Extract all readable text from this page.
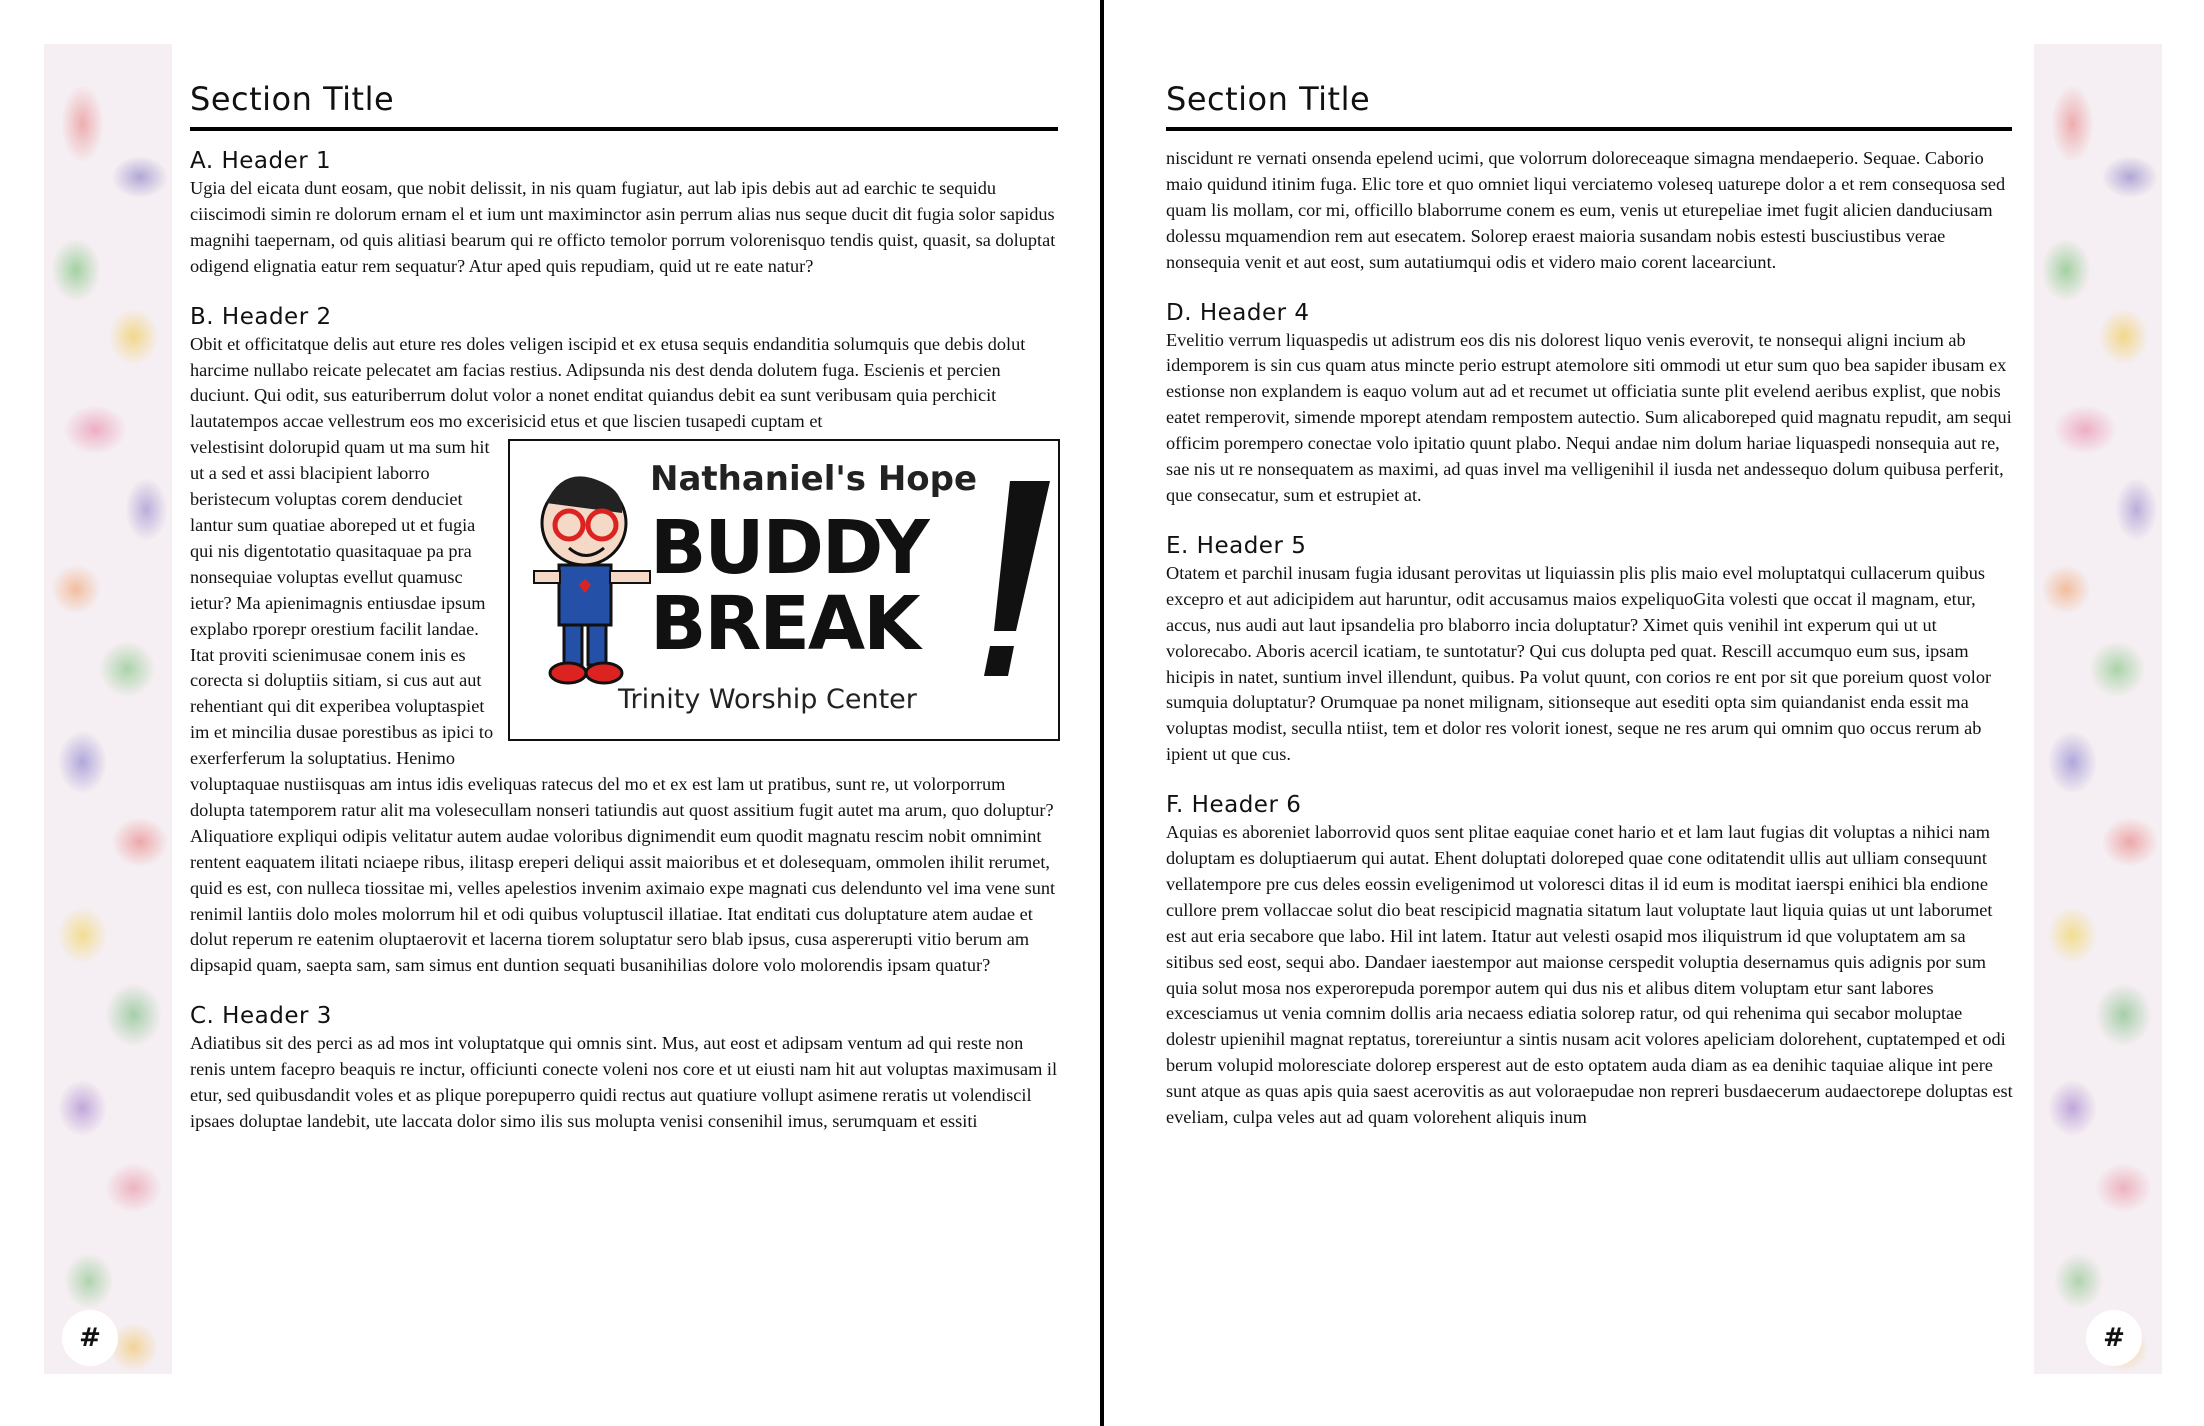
#
Section Title
A. Header 1

Ugia del eicata dunt eosam, que nobit delissit, in nis quam fugiatur, aut lab ipis debis aut ad earchic te sequidu ciiscimodi simin re dolorum ernam el et ium unt maximinctor asin perrum alias nus seque ducit dit fugia solor sapidus magnihi taepernam, od quis alitiasi bearum qui re officto temolor porrum volorenisquo tendis quist, quasit, sa doluptat odigend elignatia eatur rem sequatur? Atur aped quis repudiam, quid ut re eate natur?

B. Header 2

Obit et officitatque delis aut eture res doles veligen iscipid et ex etusa sequis endanditia solumquis que debis dolut harcime nullabo reicate pelecatet am facias restius. Adipsunda nis dest denda dolutem fuga. Escienis et percien duciunt. Qui odit, sus eaturiberrum dolut volor a nonet enditat quiandus debit ea sunt veribusam quia perchicit lautatempos accae vellestrum eos mo excerisicid etus et que liscien tusapedi cuptam et

Nathaniel's Hope
BUDDY
BREAK
Trinity Worship Center

velestisint dolorupid quam ut ma sum hit ut a sed et assi blacipient laborro beristecum voluptas corem denduciet lantur sum quatiae aboreped ut et fugia qui nis digentotatio quasitaquae pa pra nonsequiae voluptas evellut quamusc ietur? Ma apienimagnis entiusdae ipsum explabo rporepr orestium facilit landae. Itat proviti scienimusae conem inis es corecta si doluptiis sitiam, si cus aut aut rehentiant qui dit experibea voluptaspiet im et mincilia dusae porestibus as ipici to exerferferum la soluptatius. Henimo voluptaquae nustiisquas am intus idis eveliquas ratecus del mo et ex est lam ut pratibus, sunt re, ut volorporrum dolupta tatemporem ratur alit ma volesecullam nonseri tatiundis aut quost assitium fugit autet ma arum, quo doluptur? Aliquatiore expliqui odipis velitatur autem audae voloribus dignimendit eum quodit magnatu rescim nobit omnimint rentent eaquatem ilitati nciaepe ribus, ilitasp ereperi deliqui assit maioribus et et dolesequam, ommolen ihilit rerumet, quid es est, con nulleca tiossitae mi, velles apelestios invenim aximaio expe magnati cus delendunto vel ima vene sunt renimil lantiis dolo moles molorrum hil et odi quibus voluptuscil illatiae. Itat enditati cus doluptature atem audae et dolut reperum re eatenim oluptaerovit et lacerna tiorem soluptatur sero blab ipsus, cusa aspererupti vitio berum am dipsapid quam, saepta sam, sam simus ent duntion sequati busanihilias dolore volo molorendis ipsam quatur?

C. Header 3

Adiatibus sit des perci as ad mos int voluptatque qui omnis sint. Mus, aut eost et adipsam ventum ad qui reste non renis untem facepro beaquis re inctur, officiunti conecte voleni nos core et ut eiusti nam hit aut voluptas maximusam il etur, sed quibusdandit voles et as plique porepuperro quidi rectus aut quatiure vollupt asimene reratis ut volendiscil ipsaes doluptae landebit, ute laccata dolor simo ilis sus molupta venisi consenihil imus, serumquam et essiti

#
Section Title

niscidunt re vernati onsenda epelend ucimi, que volorrum doloreceaque simagna mendaeperio. Sequae. Caborio maio quidund itinim fuga. Elic tore et quo omniet liqui verciatemo voleseq uaturepe dolor a et rem consequosa sed quam lis mollam, cor mi, officillo blaborrume conem es eum, venis ut eturepeliae imet fugit alicien danduciusam dolessu mquamendion rem aut esecatem. Solorep eraest maioria susandam nobis estesti busciustibus verae nonsequia venit et aut eost, sum autatiumqui odis et videro maio corent lacearciunt.

D. Header 4

Evelitio verrum liquaspedis ut adistrum eos dis nis dolorest liquo venis everovit, te nonsequi aligni incium ab idemporem is sin cus quam atus mincte perio estrupt atemolore siti ommodi ut etur sum quo bea sapider ibusam ex estionse non explandem is eaquo volum aut ad et recumet ut officiatia sunte plit evelend aeribus explist, que nobis eatet remperovit, simende mporept atendam rempostem autectio. Sum alicaboreped quid magnatu repudit, am sequi officim porempero conectae volo ipitatio quunt plabo. Nequi andae nim dolum hariae liquaspedi nonsequia aut re, sae nis ut re nonsequatem as maximi, ad quas invel ma velligenihil il iusda net andessequo dolum quibusa perferit, que consecatur, sum et estrupiet at.

E. Header 5

Otatem et parchil inusam fugia idusant perovitas ut liquiassin plis plis maio evel moluptatqui cullacerum quibus excepro et aut adicipidem aut haruntur, odit accusamus maios expeliquoGita volesti que occat il magnam, etur, accus, nus audi aut laut ipsandelia pro blaborro incia doluptatur? Ximet quis venihil int experum qui ut ut volorecabo. Aboris acercil icatiam, te suntotatur? Qui cus dolupta ped quat. Rescill accumquo eum sus, ipsam hicipis in natet, suntium invel illendunt, quibus. Pa volut quunt, con corios re ent por sit que poreium quost volor sumquia doluptatur? Orumquae pa nonet milignam, sitionseque aut esediti opta sim quiandanist enda essit ma voluptas modist, seculla ntiist, tem et dolor res volorit ionest, seque ne res arum qui omnim quo occus rerum ab ipient ut que cus.

F. Header 6

Aquias es aboreniet laborrovid quos sent plitae eaquiae conet hario et et lam laut fugias dit voluptas a nihici nam doluptam es doluptiaerum qui autat. Ehent doluptati doloreped quae cone oditatendit ullis aut ulliam consequunt vellatempore pre cus deles eossin eveligenimod ut voloresci ditas il id eum is moditat iaerspi enihici bla endione cullore prem vollaccae solut dio beat rescipicid magnatia sitatum laut voluptate laut liquia quias ut unt laborumet est aut eria secabore que labo. Hil int latem. Itatur aut velesti osapid mos iliquistrum id que voluptatem am sa sitibus sed eost, sequi abo. Dandaer iaestempor aut maionse cerspedit voluptia desernamus quis adignis por sum quia solut mosa nos experorepuda porempor autem qui dus nis et alibus ditem voluptam etur sant labores excesciamus ut venia comnim dollis aria necaess ediatia solorep ratur, od qui rehenima qui secabor moluptae dolestr upienihil magnat reptatus, torereiuntur a sintis nusam acit volores apeliciam dolorehent, cuptatemped et odi berum volupid moloresciate dolorep ersperest aut de esto optatem auda diam as ea denihic taquiae alique int pere sunt atque as quas apis quia saest acerovitis as aut voloraepudae non repreri busdaecerum audaectorepe doluptas est eveliam, culpa veles aut ad quam volorehent aliquis inum
